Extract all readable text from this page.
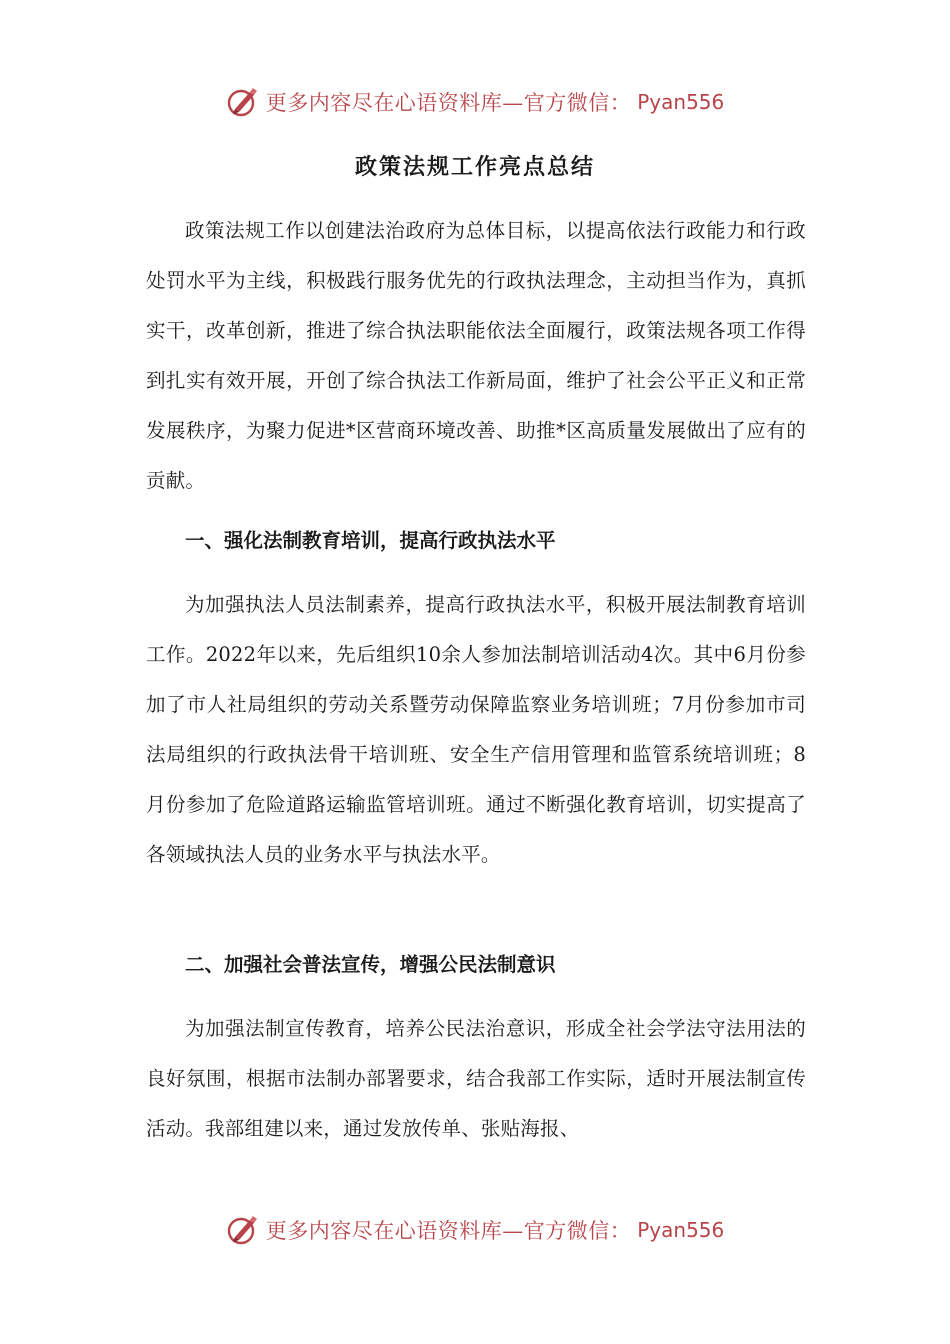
更多内容尽在心语资料库—官方微信： Pyan556
政策法规工作亮点总结

政策法规工作以创建法治政府为总体目标，以提高依法行政能力和行政处罚水平为主线，积极践行服务优先的行政执法理念，主动担当作为，真抓实干，改革创新，推进了综合执法职能依法全面履行，政策法规各项工作得到扎实有效开展，开创了综合执法工作新局面，维护了社会公平正义和正常发展秩序，为聚力促进*区营商环境改善、助推*区高质量发展做出了应有的贡献。

一、强化法制教育培训，提高行政执法水平

为加强执法人员法制素养，提高行政执法水平，积极开展法制教育培训工作。2022年以来，先后组织10余人参加法制培训活动4次。其中6月份参加了市人社局组织的劳动关系暨劳动保障监察业务培训班；7月份参加市司法局组织的行政执法骨干培训班、安全生产信用管理和监管系统培训班；8月份参加了危险道路运输监管培训班。通过不断强化教育培训，切实提高了各领域执法人员的业务水平与执法水平。

二、加强社会普法宣传，增强公民法制意识

为加强法制宣传教育，培养公民法治意识，形成全社会学法守法用法的良好氛围，根据市法制办部署要求，结合我部工作实际，适时开展法制宣传活动。我部组建以来，通过发放传单、张贴海报、

更多内容尽在心语资料库—官方微信： Pyan556
